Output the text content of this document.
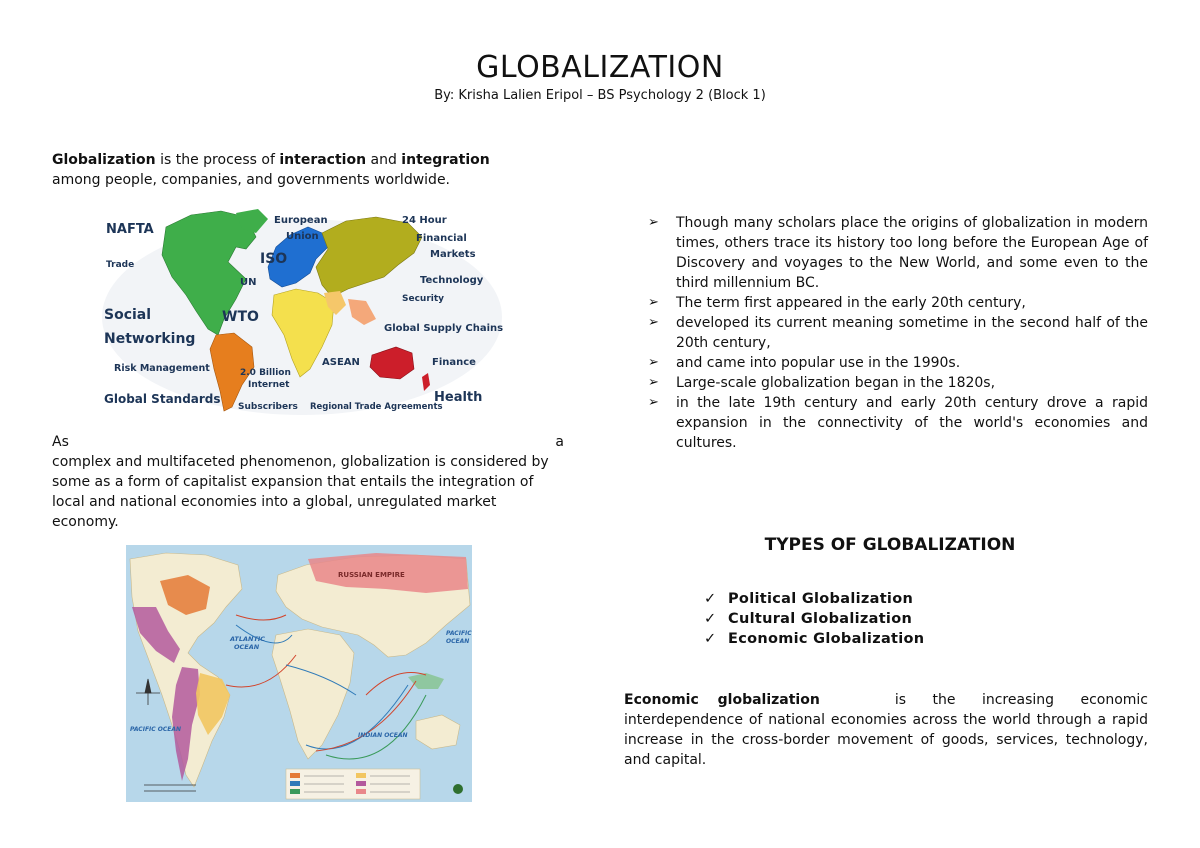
GLOBALIZATION
By: Krisha Lalien Eripol – BS Psychology 2 (Block 1)
Globalization is the process of interaction and integration
among people, companies, and governments worldwide.
NAFTA
Trade
Social
Networking
Risk Management
Global Standards
European
Union
ISO
UN
WTO
2.0 Billion
Internet
Subscribers
ASEAN
Regional Trade Agreements
24 Hour
Financial
Markets
Technology
Security
Global Supply Chains
Finance
Health
As	a
complex and multifaceted phenomenon, globalization is considered by some as a form of capitalist expansion that entails the integration of local and national economies into a global, unregulated market economy.
RUSSIAN EMPIRE
ATLANTIC
OCEAN
PACIFIC OCEAN
PACIFIC
OCEAN
INDIAN OCEAN
➢ Though many scholars place the origins of globalization in modern times, others trace its history too long before the European Age of Discovery and voyages to the New World, and some even to the third millennium BC.
➢ The term first appeared in the early 20th century,
➢ developed its current meaning sometime in the second half of the 20th century,
➢ and came into popular use in the 1990s.
➢ Large-scale globalization began in the 1820s,
➢ in the late 19th century and early 20th century drove a rapid expansion in the connectivity of the world's economies and cultures.
TYPES OF GLOBALIZATION
✓ Political Globalization
✓ Cultural Globalization
✓ Economic Globalization
Economic globalization	is the increasing economic
interdependence of national economies across the world through a rapid increase in the cross-border movement of goods, services, technology, and capital.
